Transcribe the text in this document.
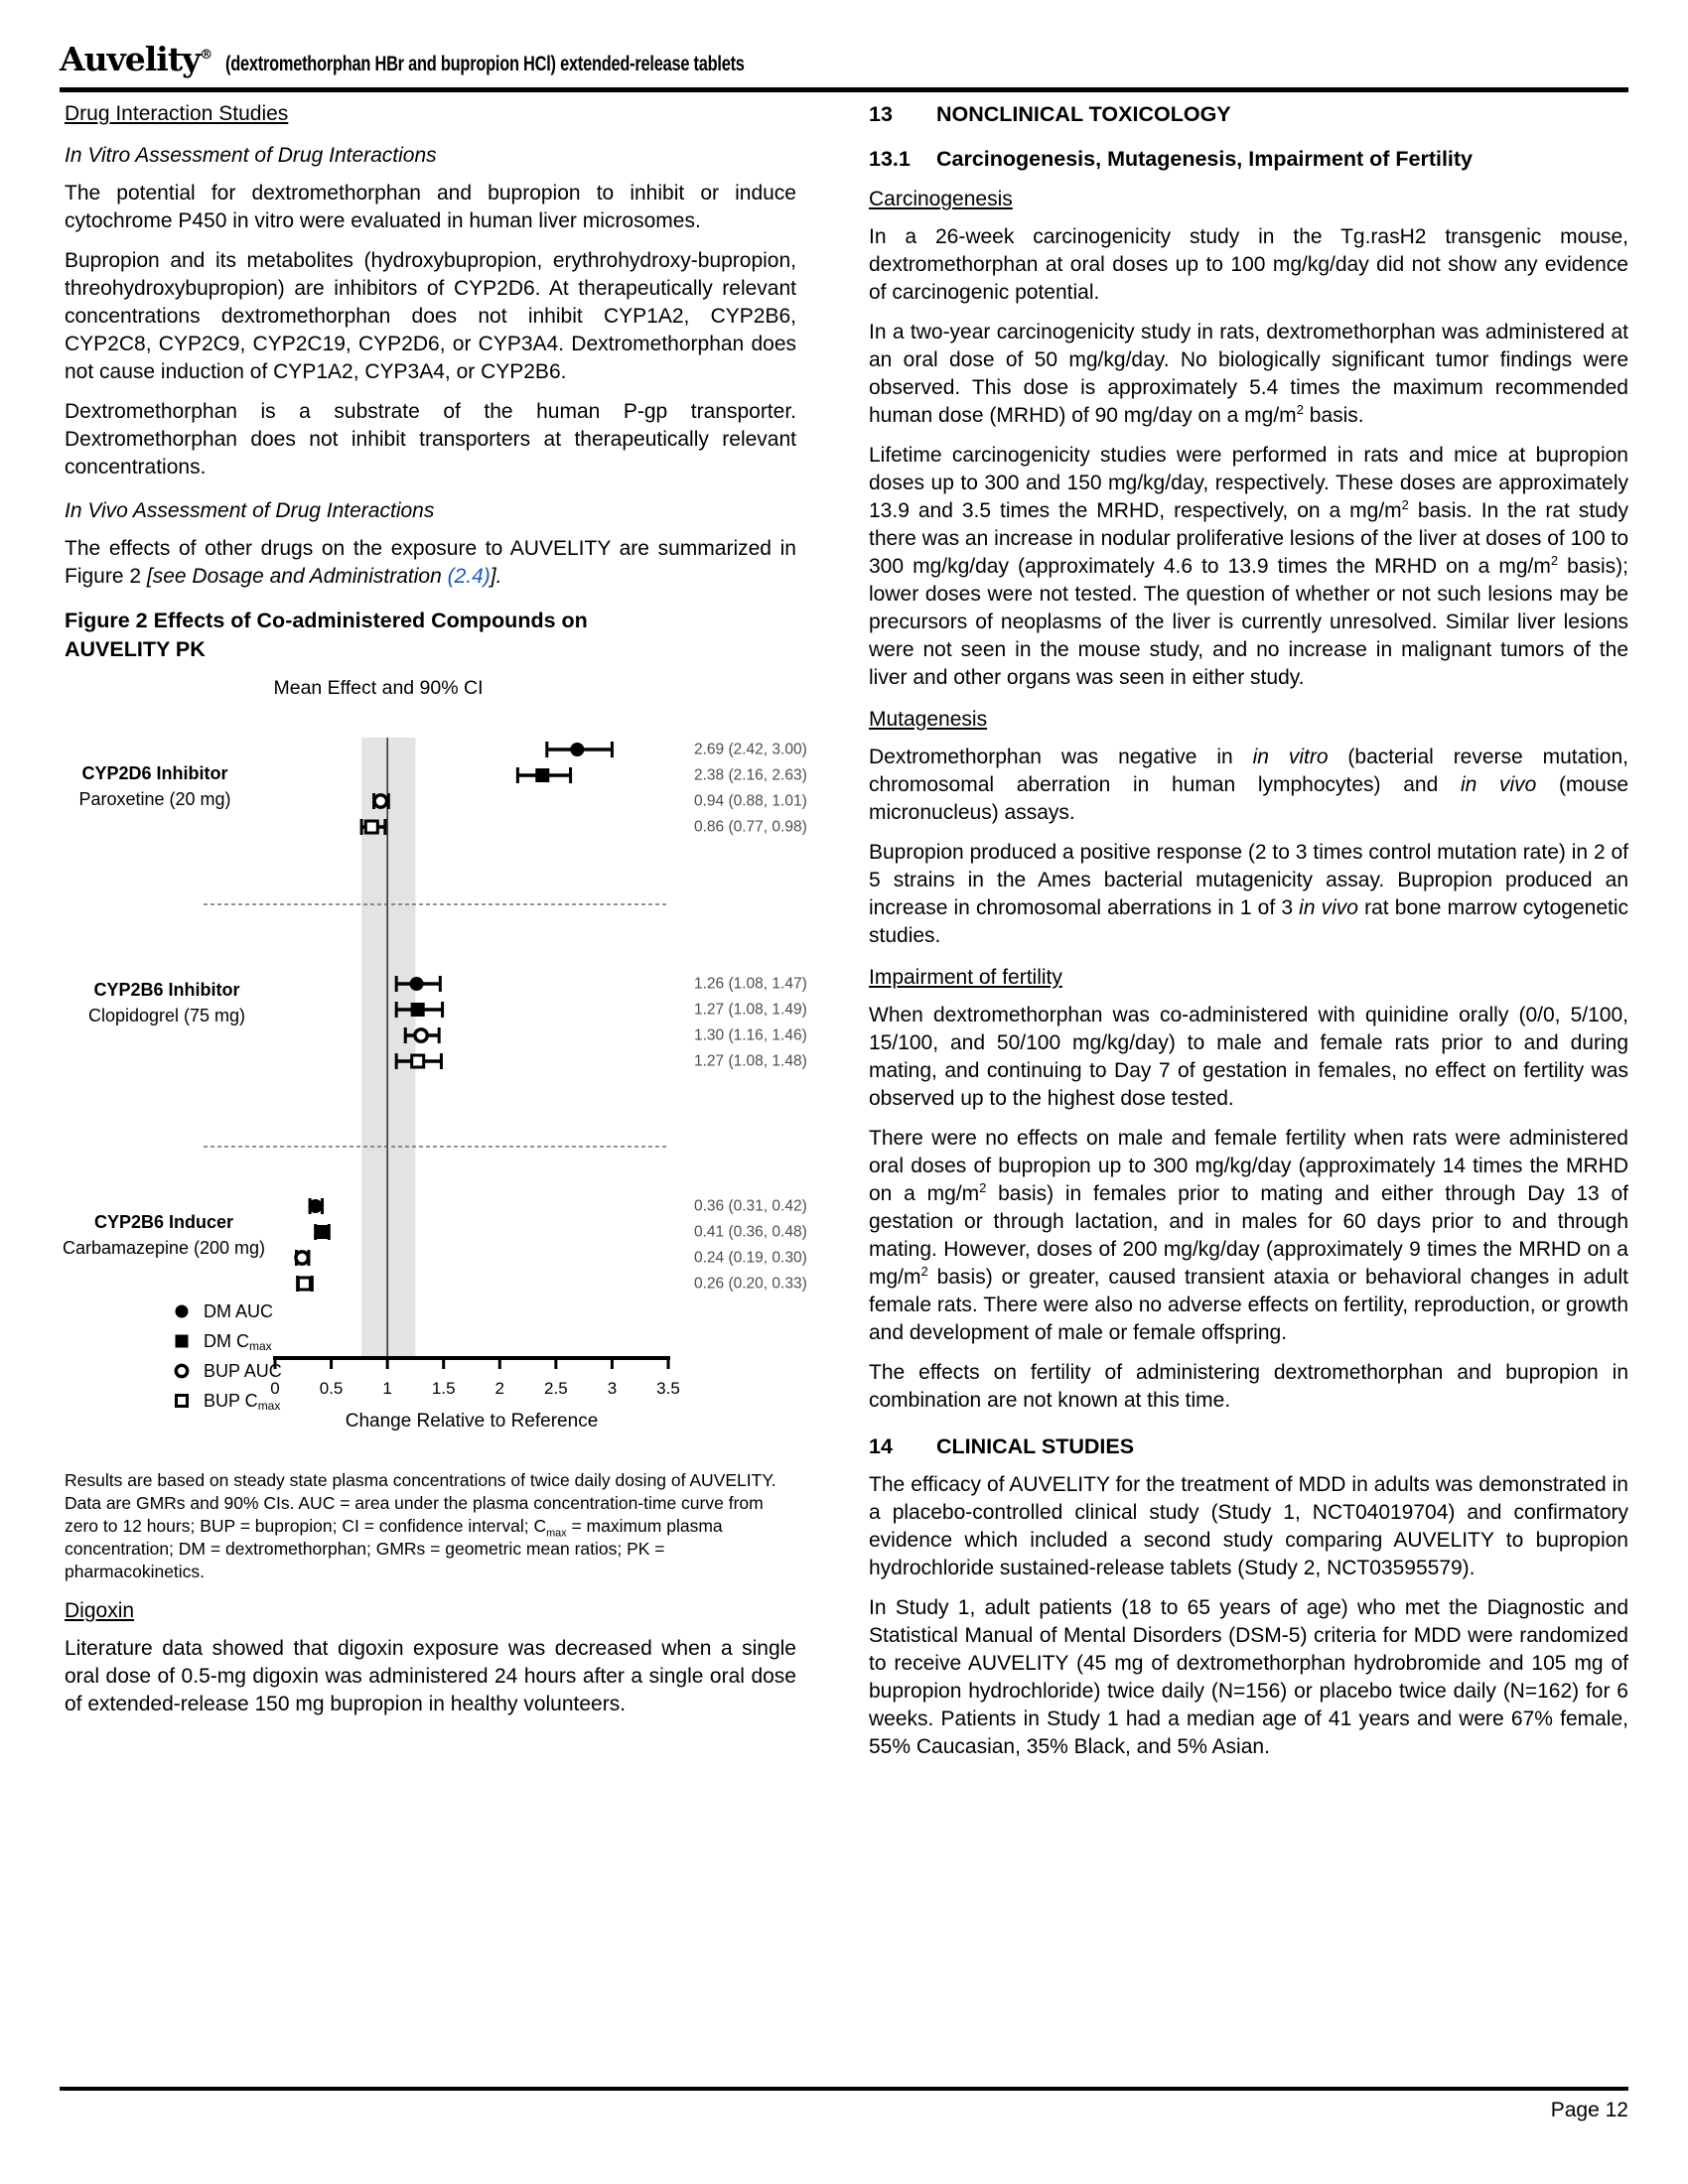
Auvelity® (dextromethorphan HBr and bupropion HCl) extended-release tablets
Drug Interaction Studies
In Vitro Assessment of Drug Interactions

The potential for dextromethorphan and bupropion to inhibit or induce cytochrome P450 in vitro were evaluated in human liver microsomes.

Bupropion and its metabolites (hydroxybupropion, erythrohydroxy-bupropion, threohydroxybupropion) are inhibitors of CYP2D6. At therapeutically relevant concentrations dextromethorphan does not inhibit CYP1A2, CYP2B6, CYP2C8, CYP2C9, CYP2C19, CYP2D6, or CYP3A4. Dextromethorphan does not cause induction of CYP1A2, CYP3A4, or CYP2B6.

Dextromethorphan is a substrate of the human P-gp transporter. Dextromethorphan does not inhibit transporters at therapeutically relevant concentrations.

In Vivo Assessment of Drug Interactions

The effects of other drugs on the exposure to AUVELITY are summarized in Figure 2 [see Dosage and Administration (2.4)].

Figure 2 Effects of Co-administered Compounds on
AUVELITY PK
Mean Effect and 90% CI
CYP2D6 Inhibitor
Paroxetine (20 mg)
2.69 (2.42, 3.00)
2.38 (2.16, 2.63)
0.94 (0.88, 1.01)
0.86 (0.77, 0.98)
CYP2B6 Inhibitor
Clopidogrel (75 mg)
1.26 (1.08, 1.47)
1.27 (1.08, 1.49)
1.30 (1.16, 1.46)
1.27 (1.08, 1.48)
CYP2B6 Inducer
Carbamazepine (200 mg)
0.36 (0.31, 0.42)
0.41 (0.36, 0.48)
0.24 (0.19, 0.30)
0.26 (0.20, 0.33)
0 0.5 1 1.5 2 2.5 3 3.5
Change Relative to Reference
DM AUC
DM $C_{max}$
BUP AUC
BUP $C_{max}$

Results are based on steady state plasma concentrations of twice daily dosing of AUVELITY. Data are GMRs and 90% CIs. AUC = area under the plasma concentration-time curve from zero to 12 hours; BUP = bupropion; CI = confidence interval; $C_{max}$ = maximum plasma concentration; DM = dextromethorphan; GMRs = geometric mean ratios; PK = pharmacokinetics.

Digoxin

Literature data showed that digoxin exposure was decreased when a single oral dose of 0.5-mg digoxin was administered 24 hours after a single oral dose of extended-release 150 mg bupropion in healthy volunteers.

13	NONCLINICAL TOXICOLOGY
13.1	Carcinogenesis, Mutagenesis, Impairment of Fertility
Carcinogenesis

In a 26-week carcinogenicity study in the Tg.rasH2 transgenic mouse, dextromethorphan at oral doses up to 100 mg/kg/day did not show any evidence of carcinogenic potential.

In a two-year carcinogenicity study in rats, dextromethorphan was administered at an oral dose of 50 mg/kg/day. No biologically significant tumor findings were observed. This dose is approximately 5.4 times the maximum recommended human dose (MRHD) of 90 mg/day on a $mg/m^2$ basis.

Lifetime carcinogenicity studies were performed in rats and mice at bupropion doses up to 300 and 150 mg/kg/day, respectively. These doses are approximately 13.9 and 3.5 times the MRHD, respectively, on a $mg/m^2$ basis. In the rat study there was an increase in nodular proliferative lesions of the liver at doses of 100 to 300 mg/kg/day (approximately 4.6 to 13.9 times the MRHD on a $mg/m^2$ basis); lower doses were not tested. The question of whether or not such lesions may be precursors of neoplasms of the liver is currently unresolved. Similar liver lesions were not seen in the mouse study, and no increase in malignant tumors of the liver and other organs was seen in either study.

Mutagenesis

Dextromethorphan was negative in in vitro (bacterial reverse mutation, chromosomal aberration in human lymphocytes) and in vivo (mouse micronucleus) assays.

Bupropion produced a positive response (2 to 3 times control mutation rate) in 2 of 5 strains in the Ames bacterial mutagenicity assay. Bupropion produced an increase in chromosomal aberrations in 1 of 3 in vivo rat bone marrow cytogenetic studies.

Impairment of fertility

When dextromethorphan was co-administered with quinidine orally (0/0, 5/100, 15/100, and 50/100 mg/kg/day) to male and female rats prior to and during mating, and continuing to Day 7 of gestation in females, no effect on fertility was observed up to the highest dose tested.

There were no effects on male and female fertility when rats were administered oral doses of bupropion up to 300 mg/kg/day (approximately 14 times the MRHD on a $mg/m^2$ basis) in females prior to mating and either through Day 13 of gestation or through lactation, and in males for 60 days prior to and through mating. However, doses of 200 mg/kg/day (approximately 9 times the MRHD on a $mg/m^2$ basis) or greater, caused transient ataxia or behavioral changes in adult female rats. There were also no adverse effects on fertility, reproduction, or growth and development of male or female offspring.

The effects on fertility of administering dextromethorphan and bupropion in combination are not known at this time.

14	CLINICAL STUDIES

The efficacy of AUVELITY for the treatment of MDD in adults was demonstrated in a placebo-controlled clinical study (Study 1, NCT04019704) and confirmatory evidence which included a second study comparing AUVELITY to bupropion hydrochloride sustained-release tablets (Study 2, NCT03595579).

In Study 1, adult patients (18 to 65 years of age) who met the Diagnostic and Statistical Manual of Mental Disorders (DSM-5) criteria for MDD were randomized to receive AUVELITY (45 mg of dextromethorphan hydrobromide and 105 mg of bupropion hydrochloride) twice daily (N=156) or placebo twice daily (N=162) for 6 weeks. Patients in Study 1 had a median age of 41 years and were 67% female, 55% Caucasian, 35% Black, and 5% Asian.

Page 12
